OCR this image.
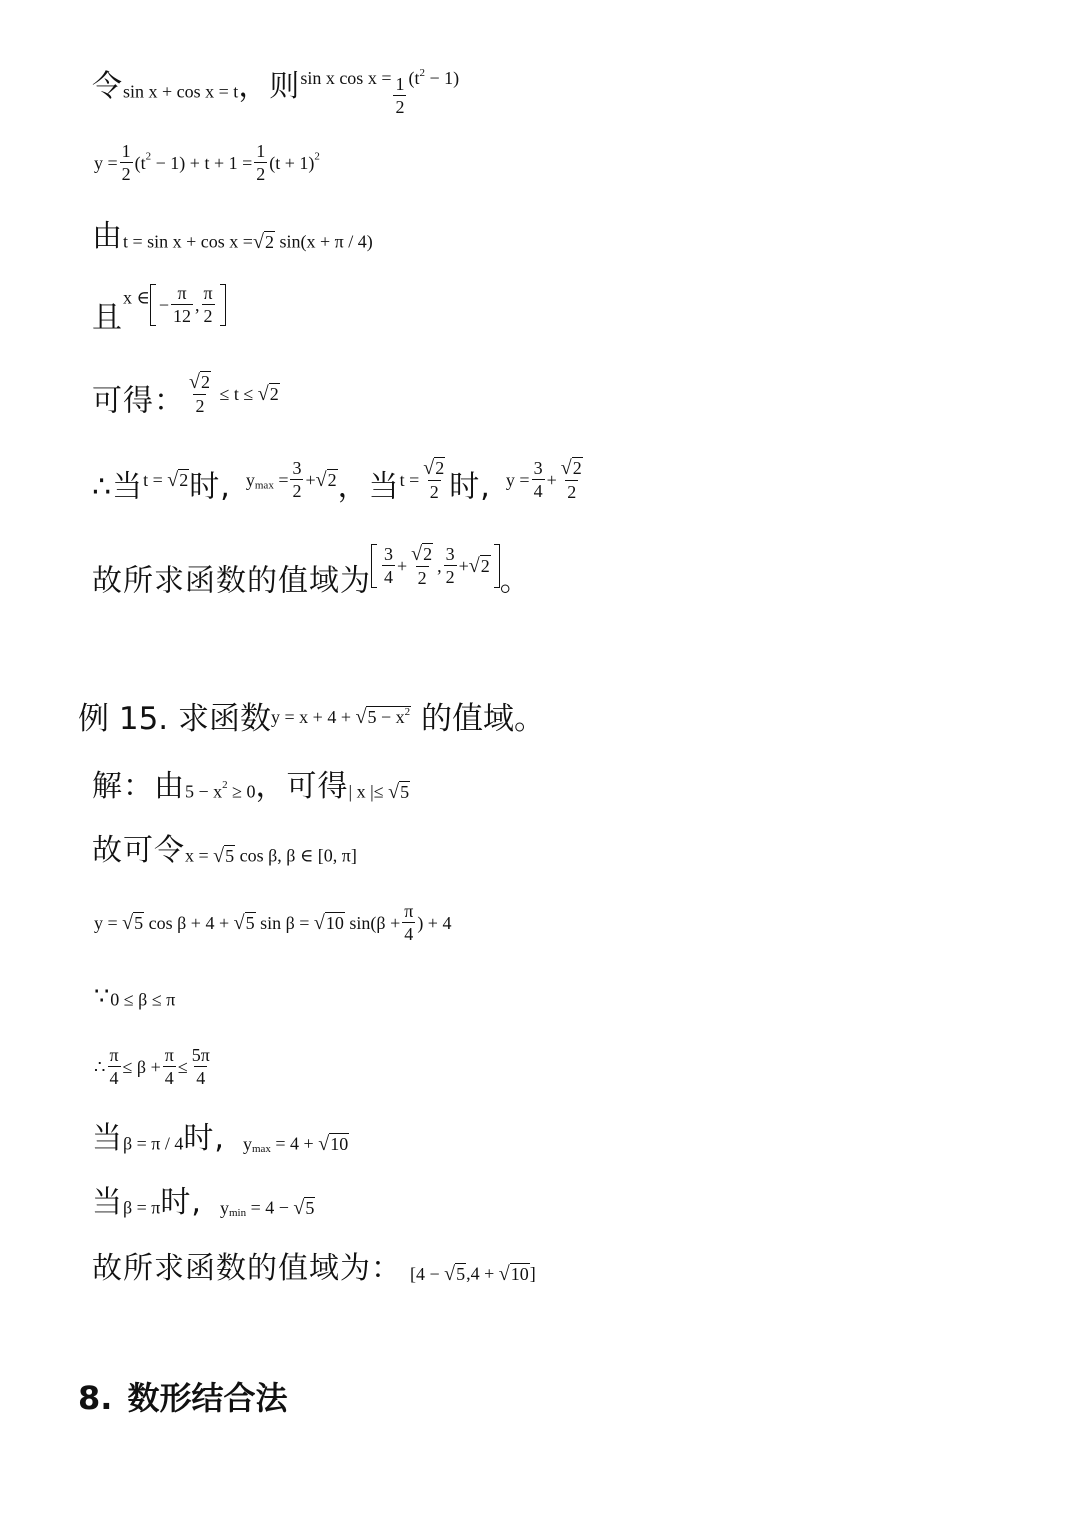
令sin x + cos x = t，则sin x $\cos x = \frac{1}{2} (t^2 - 1)$
$y = \frac{1}{2} (t^2 - 1) + t + 1 = \frac{1}{2} (t + 1)^2$
由t = sin x + cos x =√2 sin(x + π / 4)
且x ∈ − $\frac{\pi}{12}$ , $\frac{\pi}{2}$
可得： $\frac{√2}{2} \le t \le √2$
∴当t = √2时, $y_{max} = \frac{3}{2} +√2$，当$t = \frac{√2}{2}$ 时, $y = \frac{3}{4} + \frac{√2}{2}$
故所求函数的值域为 $\frac{3}{4} + \frac{√2}{2}$ , $\frac{3}{2} + √2$ 。
例 15. 求函数$y = x + 4 + √5 - x^2$ 的值域。
解：由$5 - x^2 \ge 0$，可得| x |≤ √5
故可令x = √5 cos β, β ∈ [0, π]
y = √5 cos β + 4 + √5 sin β = √10 $\sin(\beta + \frac{\pi}{4}$ ) + 4
∵0 ≤ β ≤ π
∴ $\frac{\pi}{4} \le \beta + \frac{\pi}{4} \le \frac{5\pi}{4}$
当β = π / 4时, $y_{max} = 4 + √10$
当β = π时, $y_{min} = 4 - √5$
故所求函数的值域为： [4 − √5,4 + √10]
8. 数形结合法
